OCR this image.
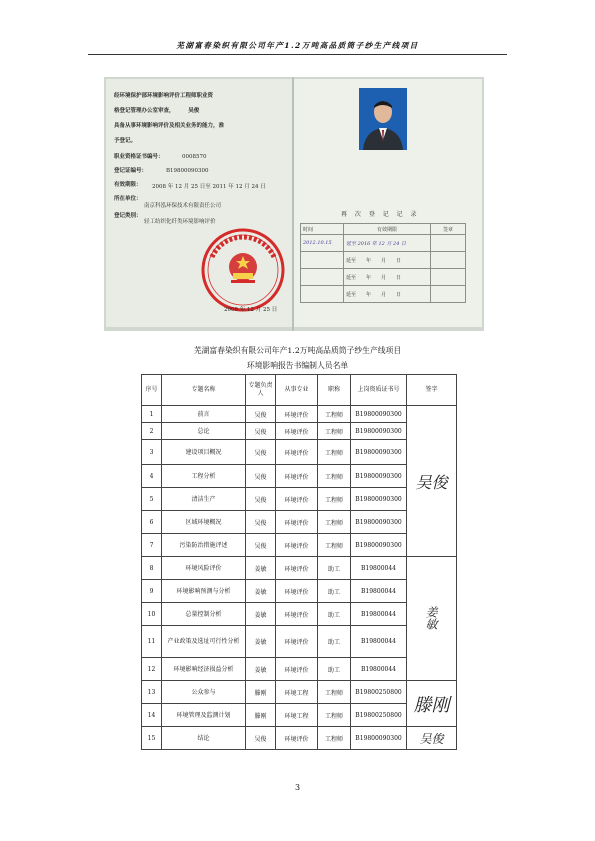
芜湖富春染织有限公司年产1.2万吨高品质筒子纱生产线项目
经环境保护部环境影响评价工程师职业资
格登记管理办公室审查，　　　吴俊
具备从事环境影响评价及相关业务的能力，准
予登记。
职业资格证书编号：	0008570
登记证编号：	B19800090300
有效期限： 2008 年 12 月 25 日至 2011 年 12 月 24 日
所在单位：
南京科泓环保技术有限责任公司
登记类别：
轻工纺织化纤类环境影响评价
2008 年 12 月 25 日
再 次 登 记 记 录
时间	有效期限	签章
2012.10.15	延至 2016 年 12 月 24 日	
	延至　　年　　月　　日	
	延至　　年　　月　　日	
	延至　　年　　月　　日	
芜湖富春染织有限公司年产1.2万吨高品质筒子纱生产线项目
环境影响报告书编制人员名单
序号	专题名称	专题负责人	从事专业	职称	上岗资质证书号	签字
1	前言	吴俊	环境评价	工程师	B19800090300	吴俊
2	总论	吴俊	环境评价	工程师	B19800090300	
3	建设项目概况	吴俊	环境评价	工程师	B19800090300	
4	工程分析	吴俊	环境评价	工程师	B19800090300	
5	清洁生产	吴俊	环境评价	工程师	B19800090300	
6	区域环境概况	吴俊	环境评价	工程师	B19800090300	
7	污染防治措施评述	吴俊	环境评价	工程师	B19800090300	
8	环境风险评价	姜敏	环境评价	助工	B19800044	姜敏
9	环境影响预测与分析	姜敏	环境评价	助工	B19800044	
10	总量控制分析	姜敏	环境评价	助工	B19800044	
11	产业政策及选址可行性分析	姜敏	环境评价	助工	B19800044	
12	环境影响经济损益分析	姜敏	环境评价	助工	B19800044	
13	公众参与	滕刚	环境工程	工程师	B19800250800	滕刚
14	环境管理及监测计划	滕刚	环境工程	工程师	B19800250800	
15	结论	吴俊	环境评价	工程师	B19800090300	吴俊
3
